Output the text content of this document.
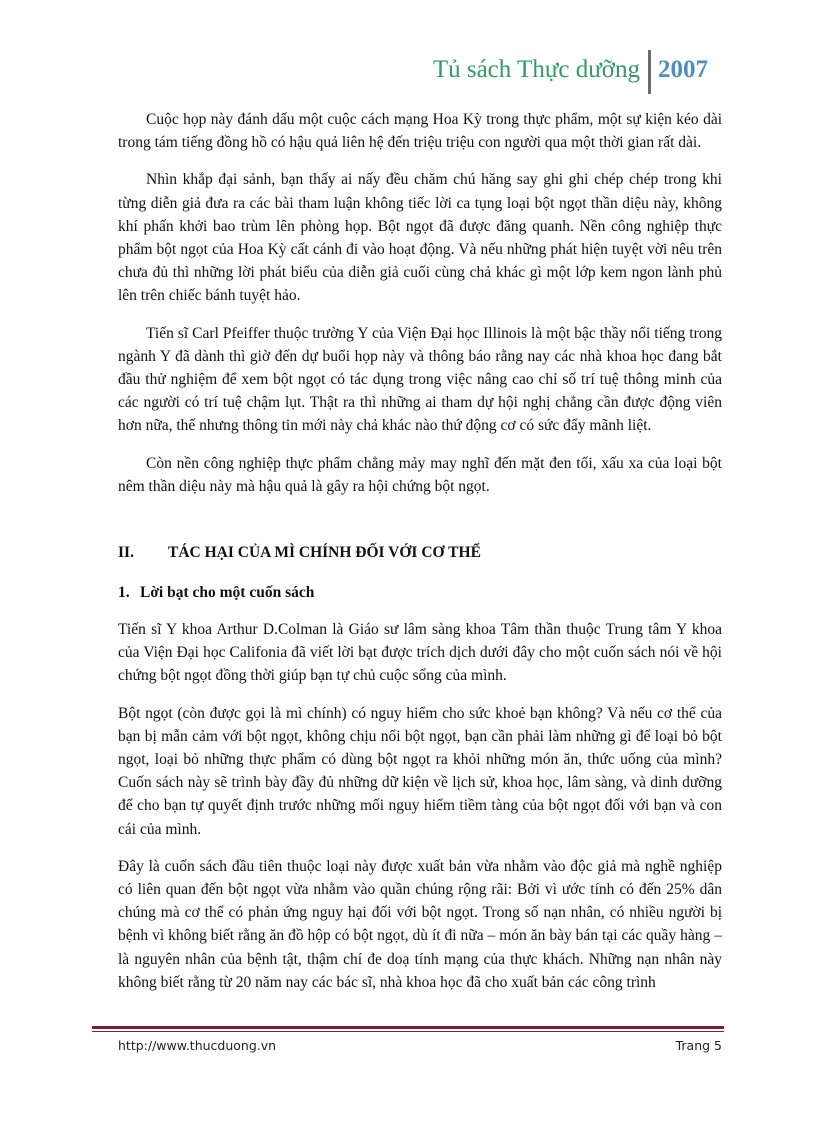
Tủ sách Thực dưỡng 2007

Cuộc họp này đánh dấu một cuộc cách mạng Hoa Kỳ trong thực phẩm, một sự kiện kéo dài trong tám tiếng đồng hồ có hậu quả liên hệ đến triệu triệu con người qua một thời gian rất dài.

Nhìn khắp đại sảnh, bạn thấy ai nấy đều chăm chú hăng say ghi ghi chép chép trong khi từng diễn giả đưa ra các bài tham luận không tiếc lời ca tụng loại bột ngọt thần diệu này, không khí phấn khởi bao trùm lên phòng họp. Bột ngọt đã được đăng quanh. Nền công nghiệp thực phẩm bột ngọt của Hoa Kỳ cất cánh đi vào hoạt động. Và nếu những phát hiện tuyệt vời nêu trên chưa đủ thì những lời phát biểu của diễn giả cuối cùng chả khác gì một lớp kem ngon lành phủ lên trên chiếc bánh tuyệt hảo.

Tiến sĩ Carl Pfeiffer thuộc trường Y của Viện Đại học Illinois là một bậc thầy nổi tiếng trong ngành Y đã dành thì giờ đến dự buổi họp này và thông báo rằng nay các nhà khoa học đang bắt đầu thử nghiệm để xem bột ngọt có tác dụng trong việc nâng cao chỉ số trí tuệ thông minh của các người có trí tuệ chậm lụt. Thật ra thì những ai tham dự hội nghị chẳng cần được động viên hơn nữa, thế nhưng thông tin mới này chả khác nào thứ động cơ có sức đẩy mãnh liệt.

Còn nền công nghiệp thực phẩm chẳng mảy may nghĩ đến mặt đen tối, xấu xa của loại bột nêm thần diệu này mà hậu quả là gây ra hội chứng bột ngọt.

II. TÁC HẠI CỦA MÌ CHÍNH ĐỐI VỚI CƠ THỂ
1. Lời bạt cho một cuốn sách

Tiến sĩ Y khoa Arthur D.Colman là Giáo sư lâm sàng khoa Tâm thần thuộc Trung tâm Y khoa của Viện Đại học Califonia đã viết lời bạt được trích dịch dưới đây cho một cuốn sách nói về hội chứng bột ngọt đồng thời giúp bạn tự chủ cuộc sống của mình.

Bột ngọt (còn được gọi là mì chính) có nguy hiểm cho sức khoẻ bạn không? Và nếu cơ thể của bạn bị mẫn cảm với bột ngọt, không chịu nổi bột ngọt, bạn cần phải làm những gì để loại bỏ bột ngọt, loại bỏ những thực phẩm có dùng bột ngọt ra khỏi những món ăn, thức uống của mình? Cuốn sách này sẽ trình bày đầy đủ những dữ kiện về lịch sử, khoa học, lâm sàng, và dinh dưỡng để cho bạn tự quyết định trước những mối nguy hiểm tiềm tàng của bột ngọt đối với bạn và con cái của mình.

Đây là cuốn sách đầu tiên thuộc loại này được xuất bản vừa nhằm vào độc giả mà nghề nghiệp có liên quan đến bột ngọt vừa nhằm vào quần chúng rộng rãi: Bởi vì ước tính có đến 25% dân chúng mà cơ thể có phản ứng nguy hại đối với bột ngọt. Trong số nạn nhân, có nhiều người bị bệnh vì không biết rằng ăn đồ hộp có bột ngọt, dù ít đi nữa – món ăn bày bán tại các quầy hàng – là nguyên nhân của bệnh tật, thậm chí đe doạ tính mạng của thực khách. Những nạn nhân này không biết rằng từ 20 năm nay các bác sĩ, nhà khoa học đã cho xuất bản các công trình

http://www.thucduong.vn	Trang 5
